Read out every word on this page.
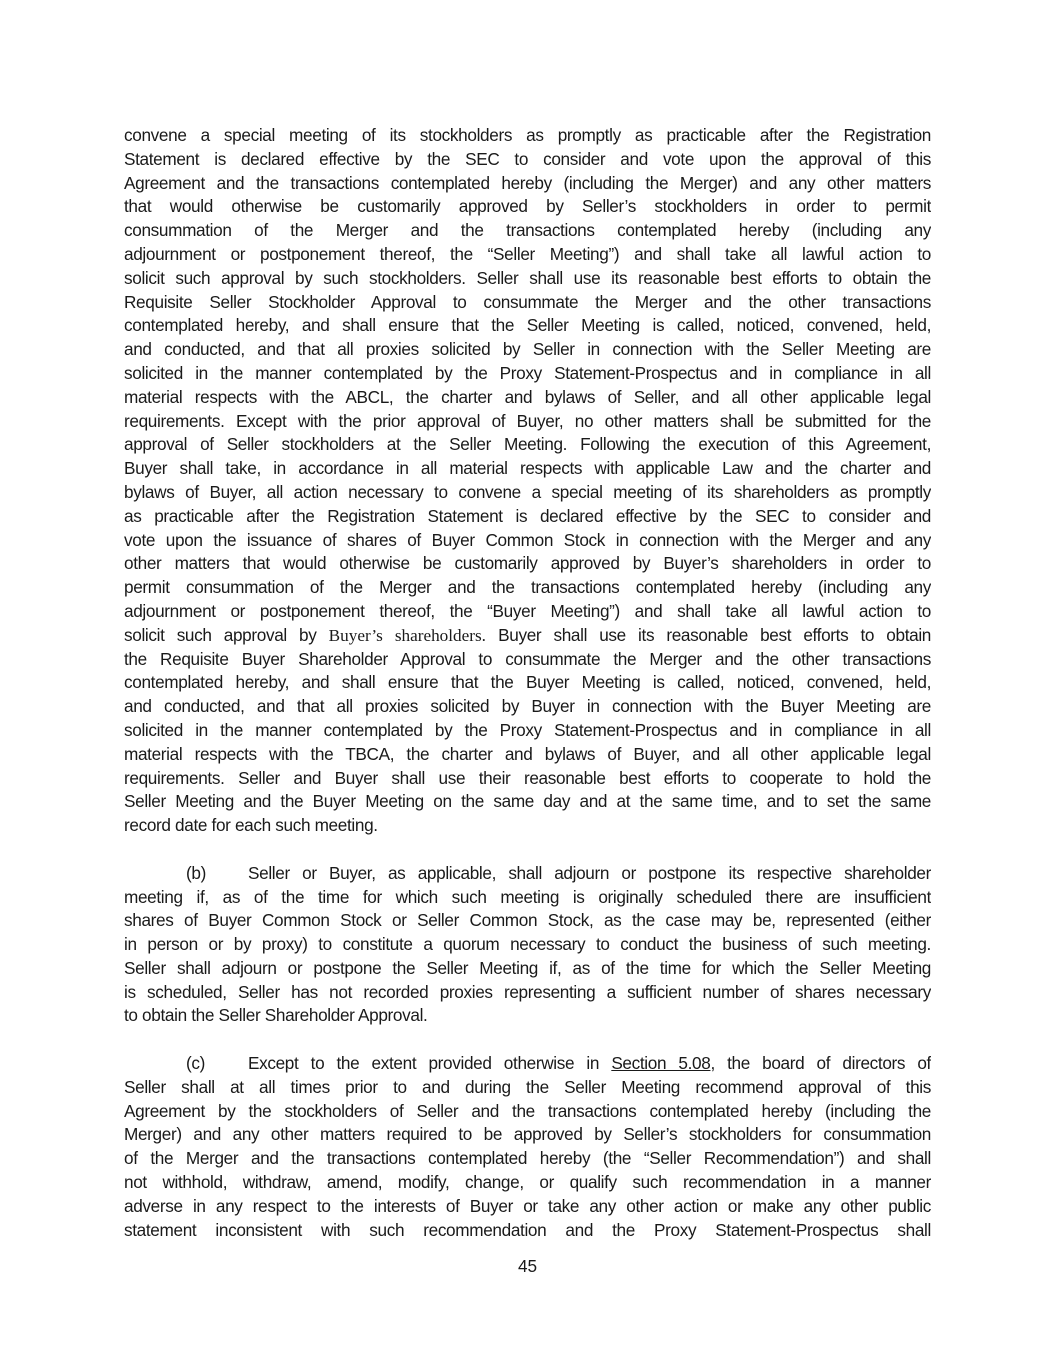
convene a special meeting of its stockholders as promptly as practicable after the Registration
Statement is declared effective by the SEC to consider and vote upon the approval of this
Agreement and the transactions contemplated hereby (including the Merger) and any other matters
that would otherwise be customarily approved by Seller’s stockholders in order to permit
consummation of the Merger and the transactions contemplated hereby (including any
adjournment or postponement thereof, the “Seller Meeting”) and shall take all lawful action to
solicit such approval by such stockholders. Seller shall use its reasonable best efforts to obtain the
Requisite Seller Stockholder Approval to consummate the Merger and the other transactions
contemplated hereby, and shall ensure that the Seller Meeting is called, noticed, convened, held,
and conducted, and that all proxies solicited by Seller in connection with the Seller Meeting are
solicited in the manner contemplated by the Proxy Statement-Prospectus and in compliance in all
material respects with the ABCL, the charter and bylaws of Seller, and all other applicable legal
requirements. Except with the prior approval of Buyer, no other matters shall be submitted for the
approval of Seller stockholders at the Seller Meeting. Following the execution of this Agreement,
Buyer shall take, in accordance in all material respects with applicable Law and the charter and
bylaws of Buyer, all action necessary to convene a special meeting of its shareholders as promptly
as practicable after the Registration Statement is declared effective by the SEC to consider and
vote upon the issuance of shares of Buyer Common Stock in connection with the Merger and any
other matters that would otherwise be customarily approved by Buyer’s shareholders in order to
permit consummation of the Merger and the transactions contemplated hereby (including any
adjournment or postponement thereof, the “Buyer Meeting”) and shall take all lawful action to
solicit such approval by Buyer’s shareholders. Buyer shall use its reasonable best efforts to obtain
the Requisite Buyer Shareholder Approval to consummate the Merger and the other transactions
contemplated hereby, and shall ensure that the Buyer Meeting is called, noticed, convened, held,
and conducted, and that all proxies solicited by Buyer in connection with the Buyer Meeting are
solicited in the manner contemplated by the Proxy Statement-Prospectus and in compliance in all
material respects with the TBCA, the charter and bylaws of Buyer, and all other applicable legal
requirements. Seller and Buyer shall use their reasonable best efforts to cooperate to hold the
Seller Meeting and the Buyer Meeting on the same day and at the same time, and to set the same
record date for each such meeting.
(b) Seller or Buyer, as applicable, shall adjourn or postpone its respective shareholder
meeting if, as of the time for which such meeting is originally scheduled there are insufficient
shares of Buyer Common Stock or Seller Common Stock, as the case may be, represented (either
in person or by proxy) to constitute a quorum necessary to conduct the business of such meeting.
Seller shall adjourn or postpone the Seller Meeting if, as of the time for which the Seller Meeting
is scheduled, Seller has not recorded proxies representing a sufficient number of shares necessary
to obtain the Seller Shareholder Approval.
(c)	Except to the extent provided otherwise in Section 5.08, the board of directors of
Seller shall at all times prior to and during the Seller Meeting recommend approval of this
Agreement by the stockholders of Seller and the transactions contemplated hereby (including the
Merger) and any other matters required to be approved by Seller’s stockholders for consummation
of the Merger and the transactions contemplated hereby (the “Seller Recommendation”) and shall
not withhold, withdraw, amend, modify, change, or qualify such recommendation in a manner
adverse in any respect to the interests of Buyer or take any other action or make any other public
statement inconsistent with such recommendation and the Proxy Statement-Prospectus shall
45
